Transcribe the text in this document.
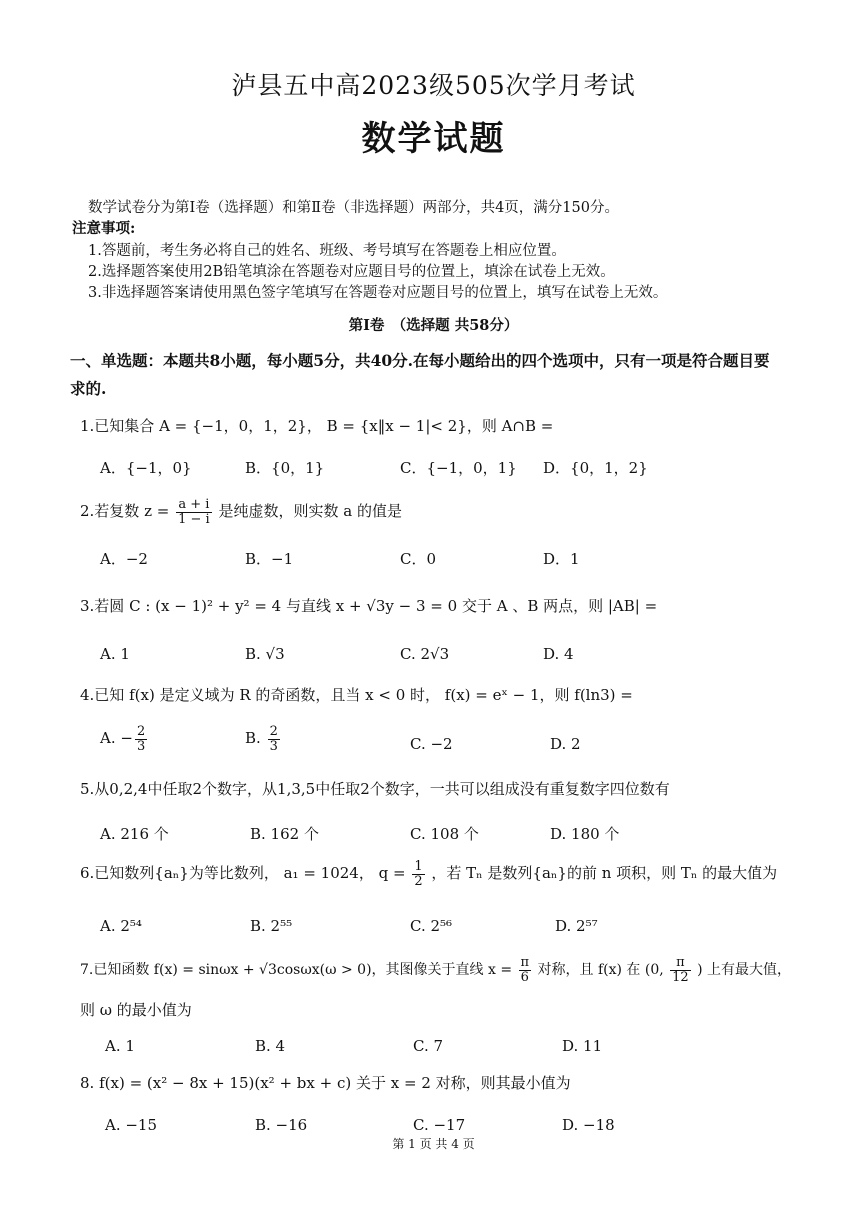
泸县五中高2023级505次学月考试
数学试题
数学试卷分为第Ⅰ卷（选择题）和第Ⅱ卷（非选择题）两部分，共4页，满分150分。
注意事项:
1.答题前，考生务必将自己的姓名、班级、考号填写在答题卷上相应位置。
2.选择题答案使用2B铅笔填涂在答题卷对应题目号的位置上，填涂在试卷上无效。
3.非选择题答案请使用黑色签字笔填写在答题卷对应题目号的位置上，填写在试卷上无效。
第Ⅰ卷　（选择题 共58分）
一、单选题：本题共8小题，每小题5分，共40分.在每小题给出的四个选项中，只有一项是符合题目要
求的.
1.已知集合 A = {−1，0，1，2}， B = {x‖x − 1|< 2}，则 A∩B =
A．{−1，0}	B．{0，1}	C．{−1，0，1} D．{0，1，2}
2.若复数 $z = \frac{a + i}{1 - i}$ 是纯虚数，则实数 a 的值是
A．−2	B．−1	C．0	D．1
3.若圆 C : (x − 1)² + y² = 4 与直线 x + √3y − 3 = 0 交于 A 、B 两点，则 |AB| =
A. 1	B. √3	C. 2√3	D. 4
4.已知 f(x) 是定义域为 R 的奇函数，且当 x < 0 时， f(x) = eˣ − 1，则 f(ln3) =
A. − $\frac{2}{3}$	B. $\frac{2}{3}$	C. −2	D. 2
5.从0,2,4中任取2个数字，从1,3,5中任取2个数字，一共可以组成没有重复数字四位数有
A. 216 个	B. 162 个	C. 108 个	D. 180 个
6.已知数列{aₙ}为等比数列， a₁ = 1024， $q = \frac{1}{2}$ ，若 Tₙ 是数列{aₙ}的前 n 项积，则 Tₙ 的最大值为
A. 2⁵⁴	B. 2⁵⁵	C. 2⁵⁶	D. 2⁵⁷
7.已知函数 f(x) = sinωx + √3cosωx(ω > 0)，其图像关于直线 $x = \frac{\pi}{6}$ 对称，且 f(x) 在 (0, $\frac{\pi}{12}$ ) 上有最大值，
则 ω 的最小值为
A. 1	B. 4	C. 7	D. 11
8. f(x) = (x² − 8x + 15)(x² + bx + c) 关于 x = 2 对称，则其最小值为
A. −15	B. −16	C. −17	D. −18
第 1 页 共 4 页
